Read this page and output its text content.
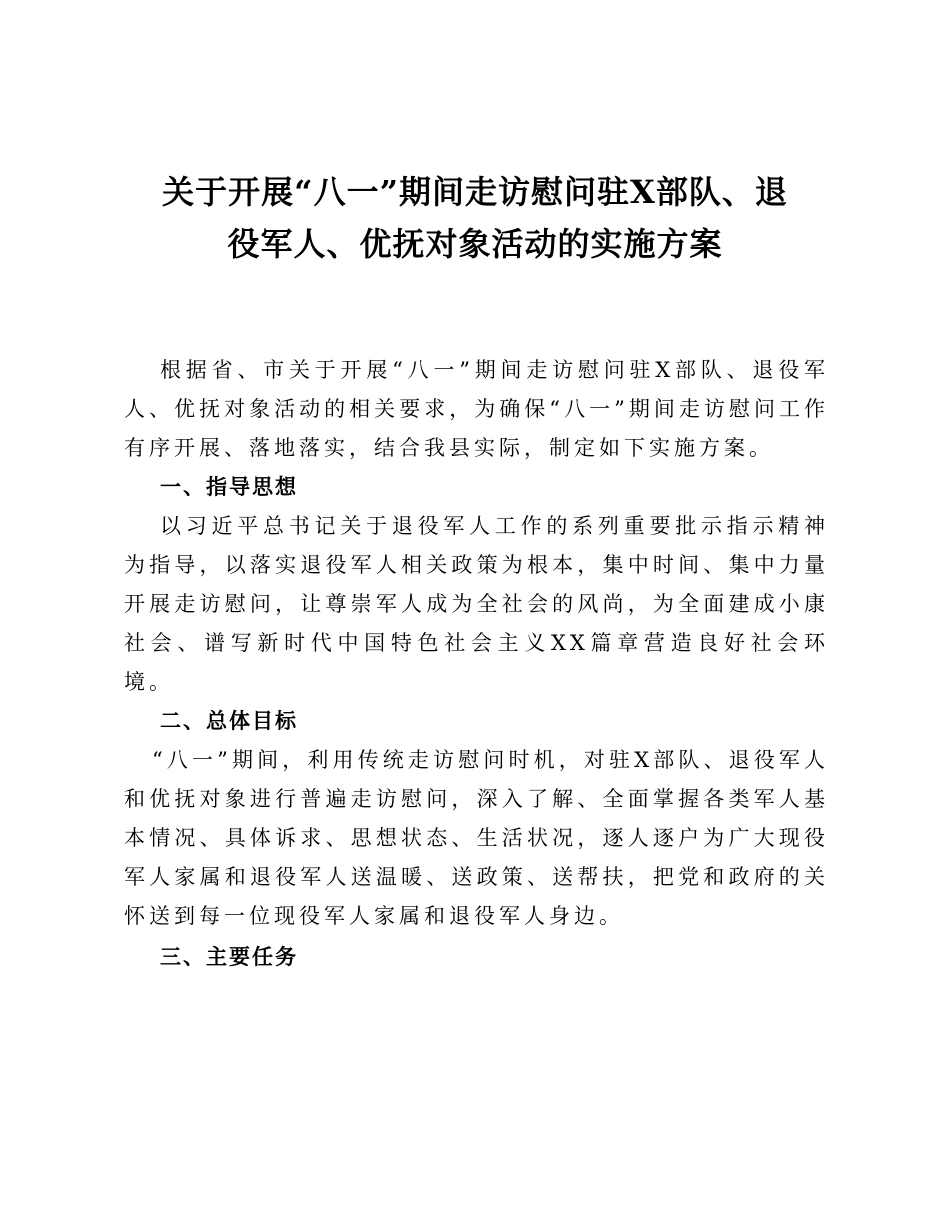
关于开展“八一”期间走访慰问驻X部队、退
役军人、优抚对象活动的实施方案

根据省、市关于开展“八一”期间走访慰问驻X部队、退役军人、优抚对象活动的相关要求，为确保“八一”期间走访慰问工作有序开展、落地落实，结合我县实际，制定如下实施方案。

一、指导思想

以习近平总书记关于退役军人工作的系列重要批示指示精神为指导，以落实退役军人相关政策为根本，集中时间、集中力量开展走访慰问，让尊崇军人成为全社会的风尚，为全面建成小康社会、谱写新时代中国特色社会主义XX篇章营造良好社会环境。

二、总体目标

“八一”期间，利用传统走访慰问时机，对驻X部队、退役军人和优抚对象进行普遍走访慰问，深入了解、全面掌握各类军人基本情况、具体诉求、思想状态、生活状况，逐人逐户为广大现役军人家属和退役军人送温暖、送政策、送帮扶，把党和政府的关怀送到每一位现役军人家属和退役军人身边。

三、主要任务
